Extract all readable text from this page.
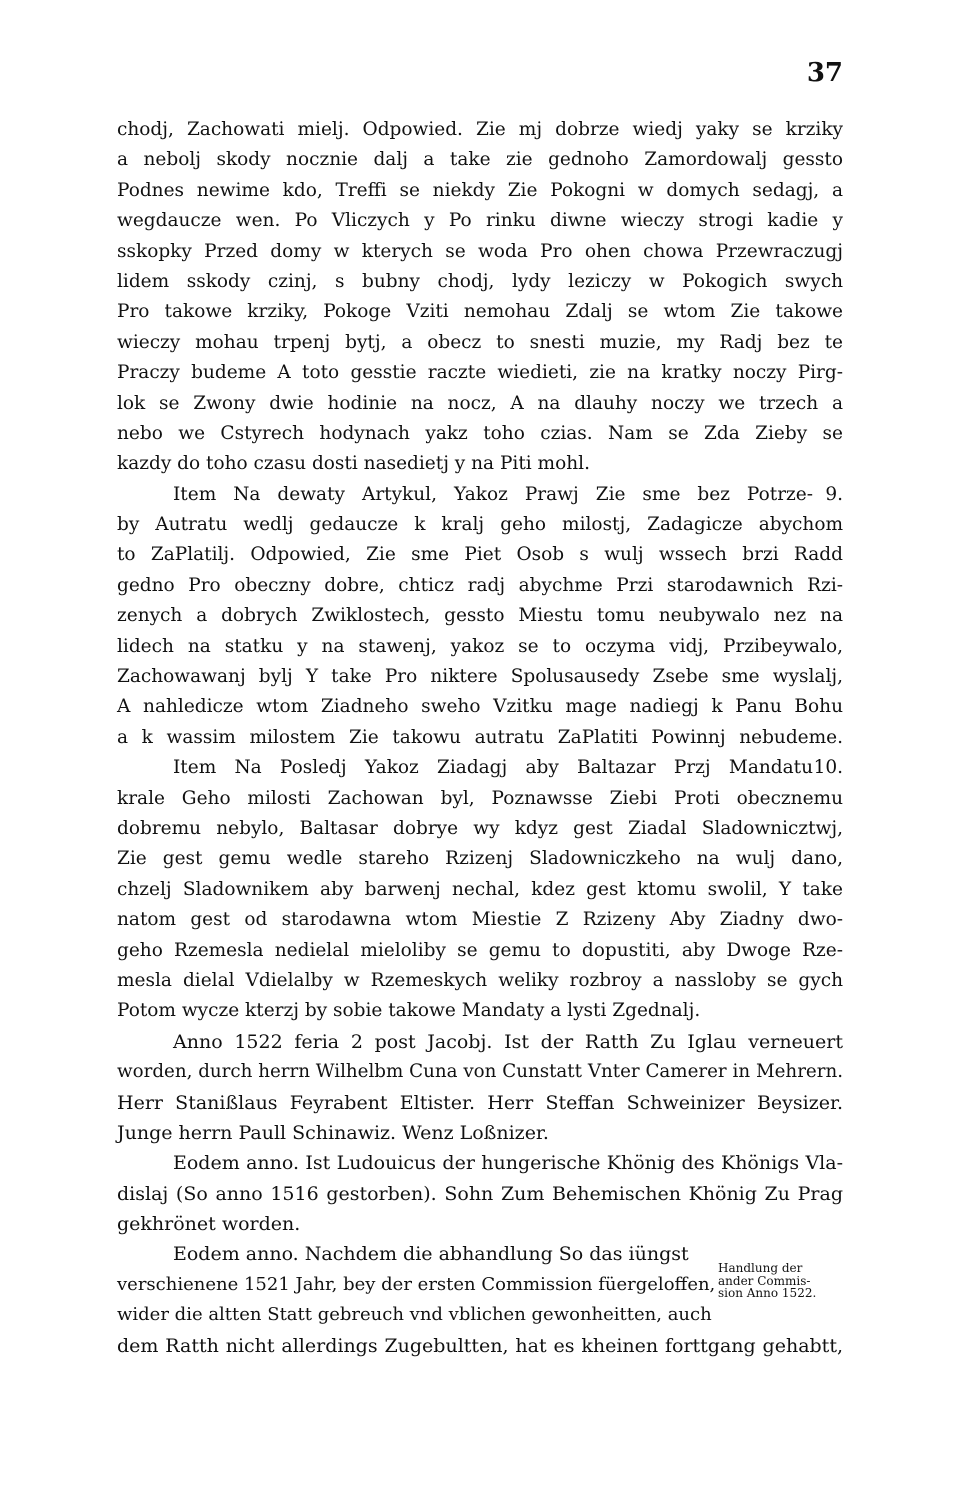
37
chodj, Zachowati mielj. Odpowied. Zie mj dobrze wiedj yaky se krziky
a nebolj skody nocznie dalj a take zie gednoho Zamordowalj gessto
Podnes newime kdo, Treffi se niekdy Zie Pokogni w domych sedagj, a
wegdaucze wen. Po Vliczych y Po rinku diwne wieczy strogi kadie y
sskopky Przed domy w kterych se woda Pro ohen chowa Przewraczugj
lidem sskody czinj, s bubny chodj, lydy leziczy w Pokogich swych
Pro takowe krziky, Pokoge Vziti nemohau Zdalj se wtom Zie takowe
wieczy mohau trpenj bytj, a obecz to snesti muzie, my Radj bez te
Praczy budeme A toto gesstie raczte wiedieti, zie na kratky noczy Pirg-
lok se Zwony dwie hodinie na nocz, A na dlauhy noczy we trzech a
nebo we Cstyrech hodynach yakz toho czias. Nam se Zda Zieby se
kazdy do toho czasu dosti nasedietj y na Piti mohl.
Item Na dewaty Artykul, Yakoz Prawj Zie sme bez Potrze- 9.
by Autratu wedlj gedaucze k kralj geho milostj, Zadagicze abychom
to ZaPlatilj. Odpowied, Zie sme Piet Osob s wulj wssech brzi Radd
gedno Pro obeczny dobre, chticz radj abychme Przi starodawnich Rzi-
zenych a dobrych Zwiklostech, gessto Miestu tomu neubywalo nez na
lidech na statku y na stawenj, yakoz se to oczyma vidj, Przibeywalo,
Zachowawanj bylj Y take Pro niktere Spolusausedy Zsebe sme wyslalj,
A nahledicze wtom Ziadneho sweho Vzitku mage nadiegj k Panu Bohu
a k wassim milostem Zie takowu autratu ZaPlatiti Powinnj nebudeme.
Item Na Posledj Yakoz Ziadagj aby Baltazar Przj Mandatu 10.
krale Geho milosti Zachowan byl, Poznawsse Ziebi Proti obecznemu
dobremu nebylo, Baltasar dobrye wy kdyz gest Ziadal Sladownicztwj,
Zie gest gemu wedle stareho Rzizenj Sladowniczkeho na wulj dano,
chzelj Sladownikem aby barwenj nechal, kdez gest ktomu swolil, Y take
natom gest od starodawna wtom Miestie Z Rzizeny Aby Ziadny dwo-
geho Rzemesla nedielal mieloliby se gemu to dopustiti, aby Dwoge Rze-
mesla dielal Vdielalby w Rzemeskych weliky rozbroy a nassloby se gych
Potom wycze kterzj by sobie takowe Mandaty a lysti Zgednalj.
Anno 1522 feria 2 post Jacobj. Ist der Ratth Zu Iglau verneuert
worden, durch herrn Wilhelbm Cuna von Cunstatt Vnter Camerer in Mehrern.
Herr Stanißlaus Feyrabent Eltister. Herr Steffan Schweinizer Beysizer.
Junge herrn Paull Schinawiz. Wenz Loßnizer.
Eodem anno. Ist Ludouicus der hungerische Khönig des Khönigs Vla-
dislaj (So anno 1516 gestorben). Sohn Zum Behemischen Khönig Zu Prag
gekhrönet worden.
Eodem anno. Nachdem die abhandlung So das iüngst
verschienene 1521 Jahr, bey der ersten Commission füergeloffen,
wider die altten Statt gebreuch vnd vblichen gewonheitten, auch
dem Ratth nicht allerdings Zugebultten, hat es kheinen forttgang gehabtt,
Handlung der
ander Commis-
sion Anno 1522.
